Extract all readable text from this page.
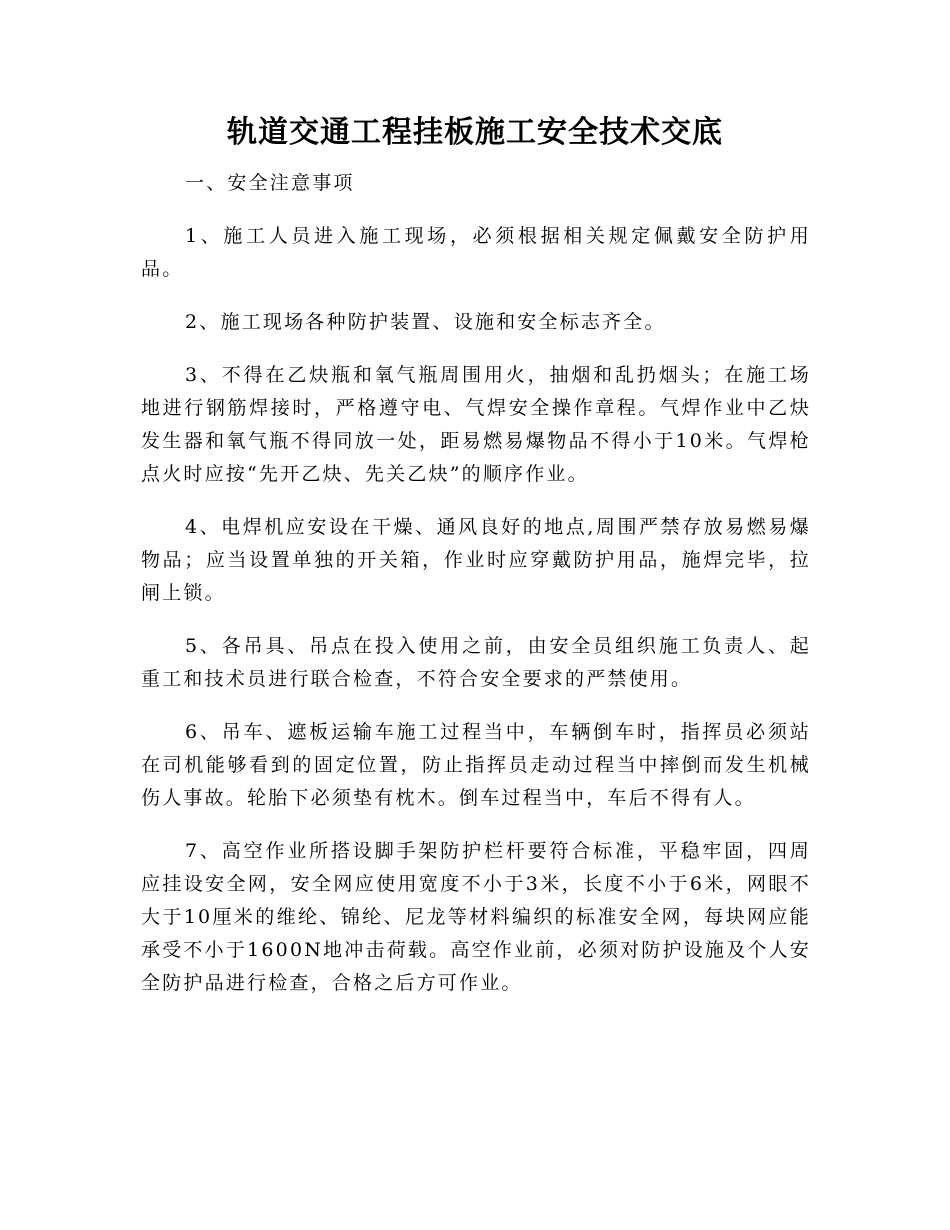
轨道交通工程挂板施工安全技术交底

一、安全注意事项

1、施工人员进入施工现场，必须根据相关规定佩戴安全防护用品。

2、施工现场各种防护装置、设施和安全标志齐全。

3、不得在乙炔瓶和氧气瓶周围用火，抽烟和乱扔烟头；在施工场地进行钢筋焊接时，严格遵守电、气焊安全操作章程。气焊作业中乙炔发生器和氧气瓶不得同放一处，距易燃易爆物品不得小于10米。气焊枪点火时应按“先开乙炔、先关乙炔”的顺序作业。

4、电焊机应安设在干燥、通风良好的地点,周围严禁存放易燃易爆物品；应当设置单独的开关箱，作业时应穿戴防护用品，施焊完毕，拉闸上锁。

5、各吊具、吊点在投入使用之前，由安全员组织施工负责人、起重工和技术员进行联合检查，不符合安全要求的严禁使用。

6、吊车、遮板运输车施工过程当中，车辆倒车时，指挥员必须站在司机能够看到的固定位置，防止指挥员走动过程当中摔倒而发生机械伤人事故。轮胎下必须垫有枕木。倒车过程当中，车后不得有人。

7、高空作业所搭设脚手架防护栏杆要符合标准，平稳牢固，四周应挂设安全网，安全网应使用宽度不小于3米，长度不小于6米，网眼不大于10厘米的维纶、锦纶、尼龙等材料编织的标准安全网，每块网应能承受不小于1600N地冲击荷载。高空作业前，必须对防护设施及个人安全防护品进行检查，合格之后方可作业。
